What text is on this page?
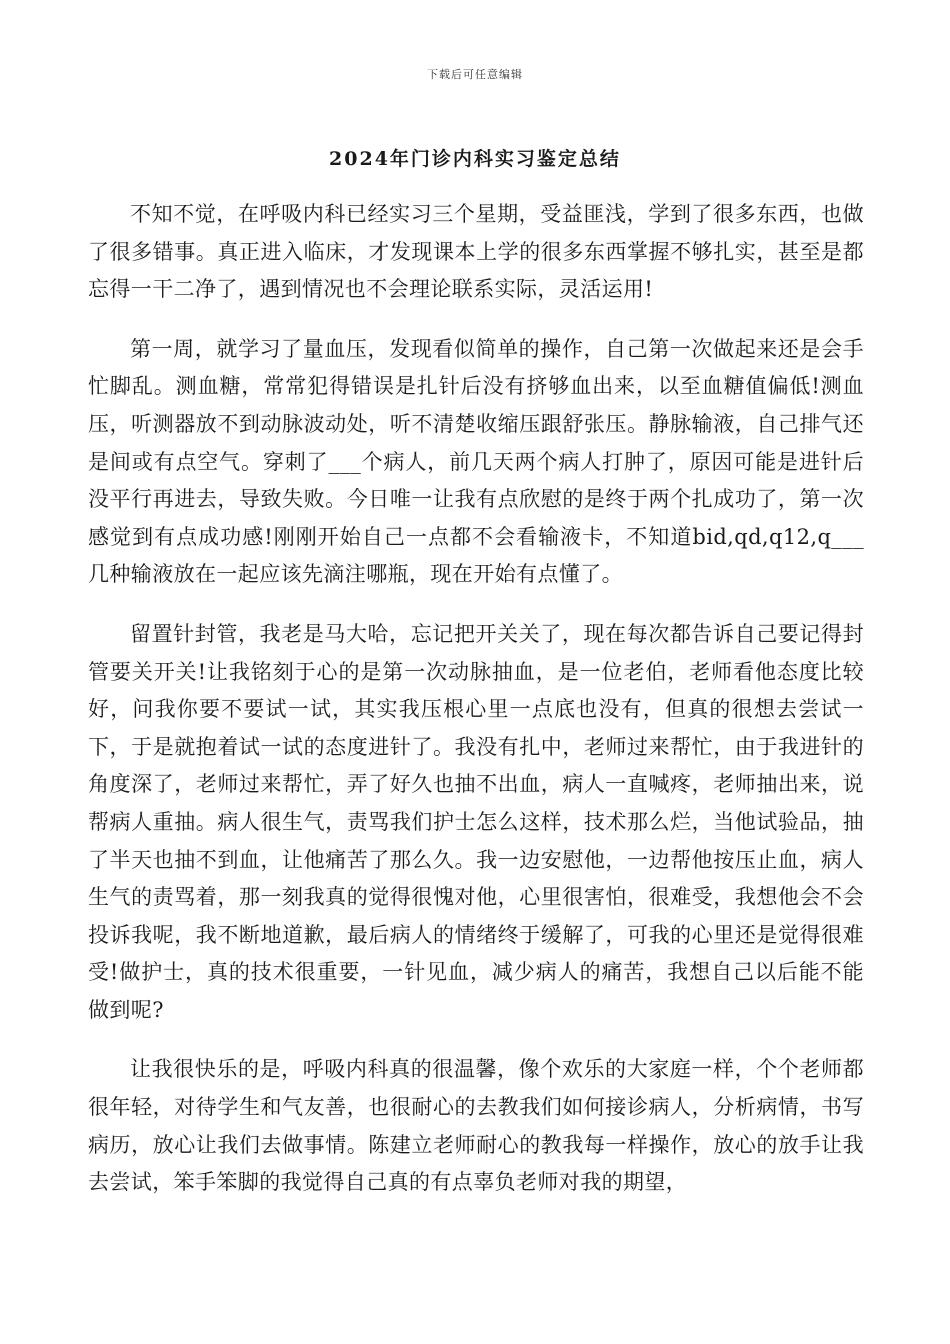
下载后可任意编辑
2024年门诊内科实习鉴定总结

不知不觉，在呼吸内科已经实习三个星期，受益匪浅，学到了很多东西，也做了很多错事。真正进入临床，才发现课本上学的很多东西掌握不够扎实，甚至是都忘得一干二净了，遇到情况也不会理论联系实际，灵活运用!

第一周，就学习了量血压，发现看似简单的操作，自己第一次做起来还是会手忙脚乱。测血糖，常常犯得错误是扎针后没有挤够血出来，以至血糖值偏低!测血压，听测器放不到动脉波动处，听不清楚收缩压跟舒张压。静脉输液，自己排气还是间或有点空气。穿刺了___个病人，前几天两个病人打肿了，原因可能是进针后没平行再进去，导致失败。今日唯一让我有点欣慰的是终于两个扎成功了，第一次感觉到有点成功感!刚刚开始自己一点都不会看输液卡，不知道bid,qd,q12,q___几种输液放在一起应该先滴注哪瓶，现在开始有点懂了。

留置针封管，我老是马大哈，忘记把开关关了，现在每次都告诉自己要记得封管要关开关!让我铭刻于心的是第一次动脉抽血，是一位老伯，老师看他态度比较好，问我你要不要试一试，其实我压根心里一点底也没有，但真的很想去尝试一下，于是就抱着试一试的态度进针了。我没有扎中，老师过来帮忙，由于我进针的角度深了，老师过来帮忙，弄了好久也抽不出血，病人一直喊疼，老师抽出来，说帮病人重抽。病人很生气，责骂我们护士怎么这样，技术那么烂，当他试验品，抽了半天也抽不到血，让他痛苦了那么久。我一边安慰他，一边帮他按压止血，病人生气的责骂着，那一刻我真的觉得很愧对他，心里很害怕，很难受，我想他会不会投诉我呢，我不断地道歉，最后病人的情绪终于缓解了，可我的心里还是觉得很难受!做护士，真的技术很重要，一针见血，减少病人的痛苦，我想自己以后能不能做到呢?

让我很快乐的是，呼吸内科真的很温馨，像个欢乐的大家庭一样，个个老师都很年轻，对待学生和气友善，也很耐心的去教我们如何接诊病人，分析病情，书写病历，放心让我们去做事情。陈建立老师耐心的教我每一样操作，放心的放手让我去尝试，笨手笨脚的我觉得自己真的有点辜负老师对我的期望，
